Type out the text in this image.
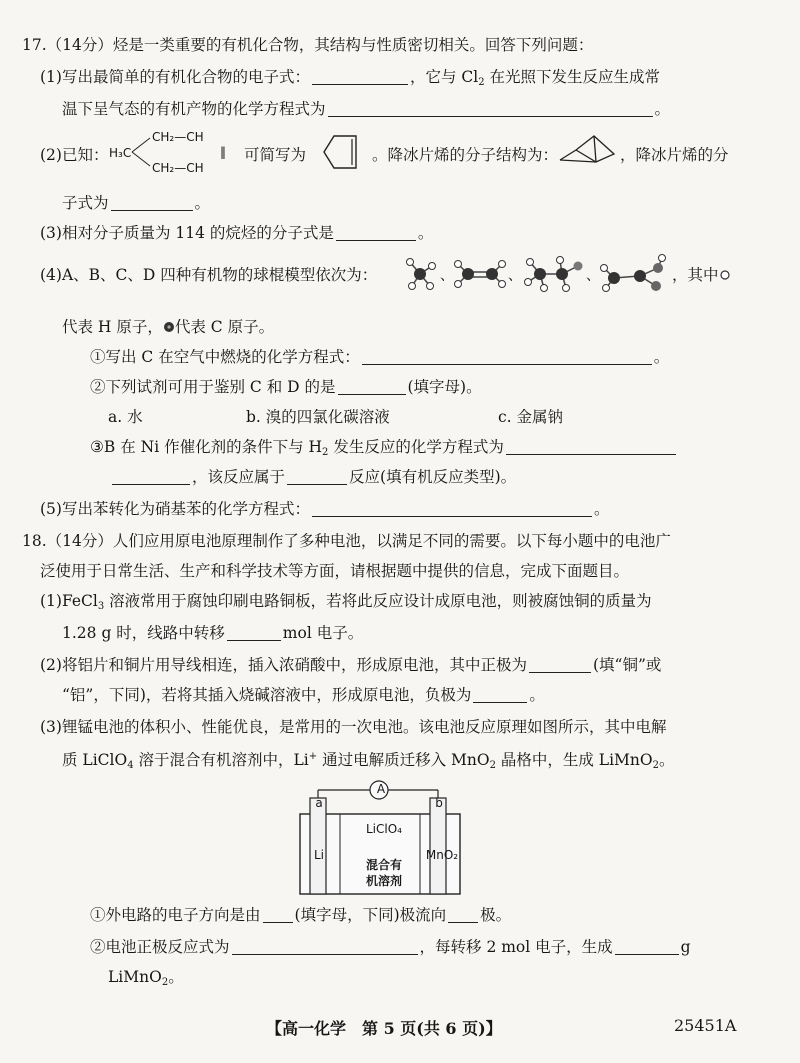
17.（14分）烃是一类重要的有机化合物，其结构与性质密切相关。回答下列问题：
(1)写出最简单的有机化合物的电子式：	，它与 $Cl_2$ 在光照下发生反应生成常
温下呈气态的有机产物的化学方程式为	。
(2)已知：
CH₂—CH
H₃C
CH₂—CH
‖ 可简写为	。降冰片烯的分子结构为：	，降冰片烯的分
子式为	。
(3)相对分子质量为 114 的烷烃的分子式是	。
(4)A、B、C、D 四种有机物的球棍模型依次为：	、	、	、	，其中
代表 H 原子， 代表 C 原子。
①写出 C 在空气中燃烧的化学方程式：	。
②下列试剂可用于鉴别 C 和 D 的是	(填字母)。
a. 水	b. 溴的四氯化碳溶液	c. 金属钠
③B 在 Ni 作催化剂的条件下与 $H_2$ 发生反应的化学方程式为
，该反应属于	反应(填有机反应类型)。
(5)写出苯转化为硝基苯的化学方程式：	。
18.（14分）人们应用原电池原理制作了多种电池，以满足不同的需要。以下每小题中的电池广
泛使用于日常生活、生产和科学技术等方面，请根据题中提供的信息，完成下面题目。
(1)FeCl$_3$ 溶液常用于腐蚀印刷电路铜板，若将此反应设计成原电池，则被腐蚀铜的质量为
1.28 g 时，线路中转移	mol 电子。
(2)将铝片和铜片用导线相连，插入浓硝酸中，形成原电池，其中正极为	(填“铜”或
“铝”，下同)，若将其插入烧碱溶液中，形成原电池，负极为	。
(3)锂锰电池的体积小、性能优良，是常用的一次电池。该电池反应原理如图所示，其中电解
质 LiClO$_4$ 溶于混合有机溶剂中，Li+ 通过电解质迁移入 MnO$_2$ 晶格中，生成 LiMnO$_2$。
A
a	b
Li
LiClO₄
混合有
机溶剂
MnO₂
①外电路的电子方向是由 (填字母，下同)极流向 极。
②电池正极反应式为	，每转移 2 mol 电子，生成	g
LiMnO$_2$。
【高一化学　第 5 页(共 6 页)】	25451A
